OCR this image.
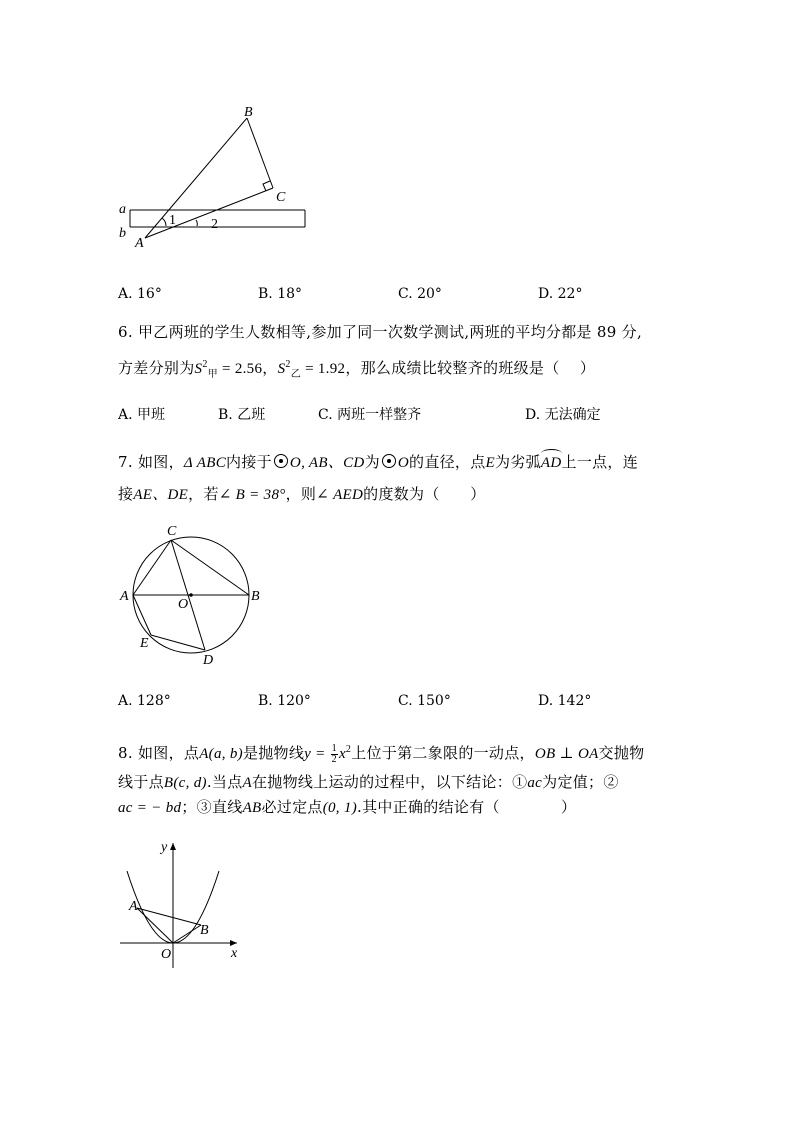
B
C
a
b
A
1	2
A. 16°	B. 18°	C. 20°	D. 22°
6. 甲乙两班的学生人数相等,参加了同一次数学测试,两班的平均分都是 89 分,
方差分别为$S^2_甲 = 2.56$，$S^2_乙 = 1.92$，那么成绩比较整齐的班级是（　 ）
A. 甲班	B. 乙班	C. 两班一样整齐	D. 无法确定
7. 如图，Δ ABC内接于 O, AB、CD为 O的直径，点E为劣弧AD上一点，连
接AE、DE，若∠ B = 38°，则∠ AED的度数为（　　）
C
A
O
B
E
D
A. 128°	B. 120°	C. 150°	D. 142°
8. 如图，点A(a, b)是抛物线$y = \frac{1}{2} x^2$上位于第二象限的一动点，OB ⊥ OA交抛物
线于点B(c, d).当点A在抛物线上运动的过程中，以下结论：①ac为定值；②
ac = − bd；③直线AB必过定点(0, 1).其中正确的结论有（　　　　）
y
x
A
B
O
